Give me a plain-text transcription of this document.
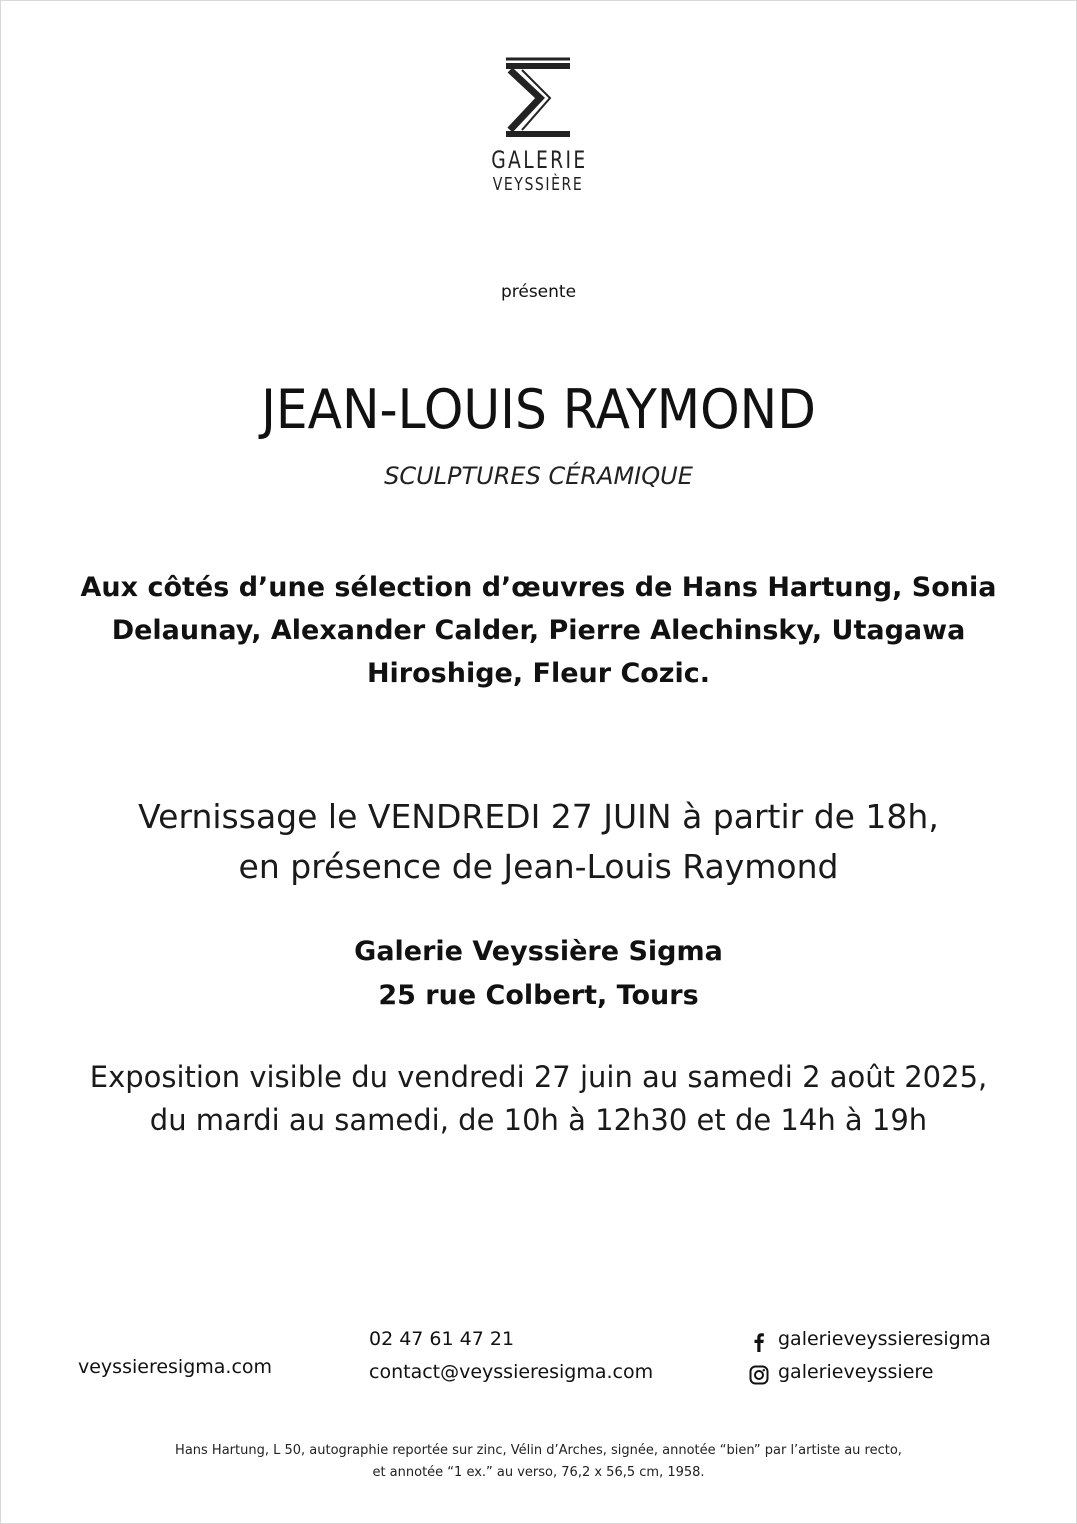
GALERIE
VEYSSIÈRE
présente
JEAN-LOUIS RAYMOND
SCULPTURES CÉRAMIQUE
Aux côtés d’une sélection d’œuvres de Hans Hartung, Sonia Delaunay, Alexander Calder, Pierre Alechinsky, Utagawa Hiroshige, Fleur Cozic.
Vernissage le VENDREDI 27 JUIN à partir de 18h,
en présence de Jean-Louis Raymond
Galerie Veyssière Sigma
25 rue Colbert, Tours
Exposition visible du vendredi 27 juin au samedi 2 août 2025,
du mardi au samedi, de 10h à 12h30 et de 14h à 19h
veyssieresigma.com
02 47 61 47 21
contact@veyssieresigma.com
galerieveyssieresigma
galerieveyssiere
Hans Hartung, L 50, autographie reportée sur zinc, Vélin d’Arches, signée, annotée “bien” par l’artiste au recto,
et annotée “1 ex.” au verso, 76,2 x 56,5 cm, 1958.
